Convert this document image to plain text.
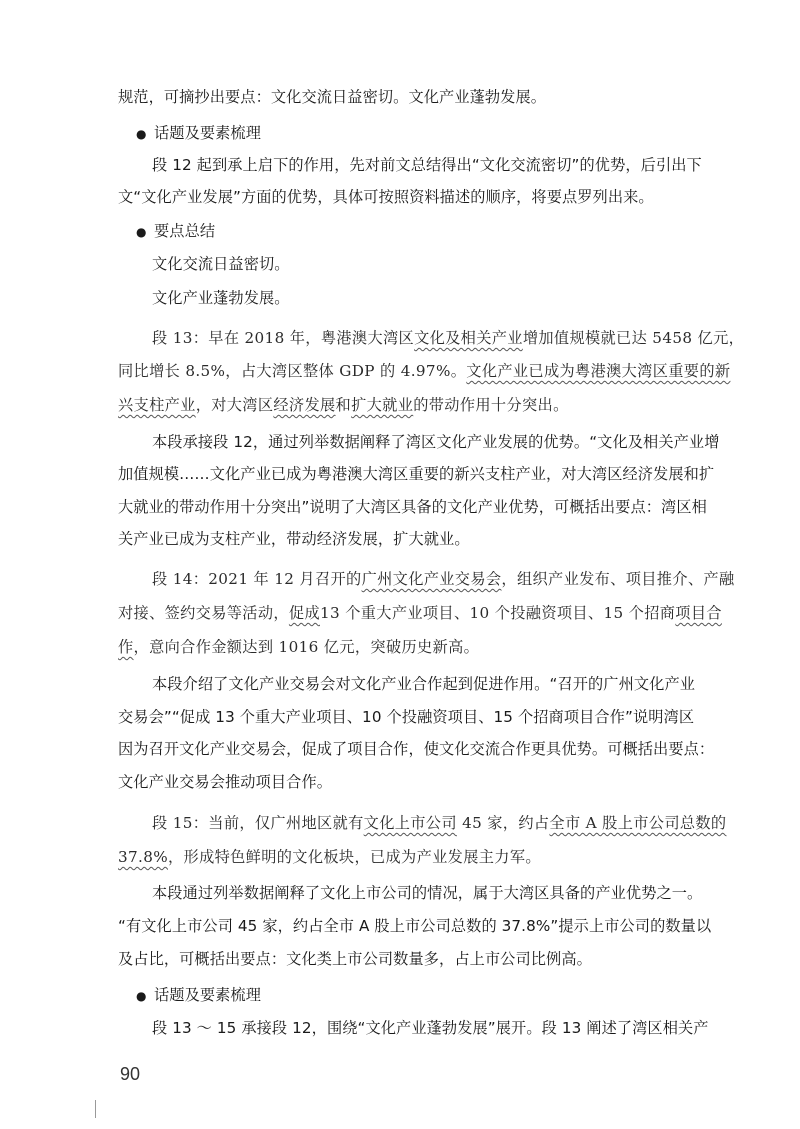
规范，可摘抄出要点：文化交流日益密切。文化产业蓬勃发展。
● 话题及要素梳理
段 12 起到承上启下的作用，先对前文总结得出“文化交流密切”的优势，后引出下
文“文化产业发展”方面的优势，具体可按照资料描述的顺序，将要点罗列出来。
● 要点总结
文化交流日益密切。
文化产业蓬勃发展。
段 13：早在 2018 年，粤港澳大湾区文化及相关产业增加值规模就已达 5458 亿元，
同比增长 8.5%，占大湾区整体 GDP 的 4.97%。文化产业已成为粤港澳大湾区重要的新
兴支柱产业，对大湾区经济发展和扩大就业的带动作用十分突出。
本段承接段 12，通过列举数据阐释了湾区文化产业发展的优势。“文化及相关产业增
加值规模……文化产业已成为粤港澳大湾区重要的新兴支柱产业，对大湾区经济发展和扩
大就业的带动作用十分突出”说明了大湾区具备的文化产业优势，可概括出要点：湾区相
关产业已成为支柱产业，带动经济发展，扩大就业。
段 14：2021 年 12 月召开的广州文化产业交易会，组织产业发布、项目推介、产融
对接、签约交易等活动，促成13 个重大产业项目、10 个投融资项目、15 个招商项目合
作，意向合作金额达到 1016 亿元，突破历史新高。
本段介绍了文化产业交易会对文化产业合作起到促进作用。“召开的广州文化产业
交易会”“促成 13 个重大产业项目、10 个投融资项目、15 个招商项目合作”说明湾区
因为召开文化产业交易会，促成了项目合作，使文化交流合作更具优势。可概括出要点：
文化产业交易会推动项目合作。
段 15：当前，仅广州地区就有文化上市公司 45 家，约占全市 A 股上市公司总数的
37.8%，形成特色鲜明的文化板块，已成为产业发展主力军。
本段通过列举数据阐释了文化上市公司的情况，属于大湾区具备的产业优势之一。
“有文化上市公司 45 家，约占全市 A 股上市公司总数的 37.8%”提示上市公司的数量以
及占比，可概括出要点：文化类上市公司数量多，占上市公司比例高。
● 话题及要素梳理
段 13 ～ 15 承接段 12，围绕“文化产业蓬勃发展”展开。段 13 阐述了湾区相关产
90
